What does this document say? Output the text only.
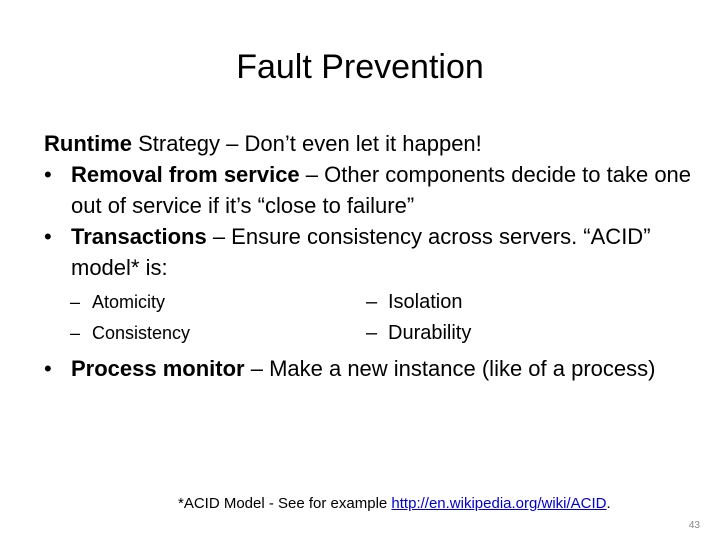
Fault Prevention

Runtime Strategy – Don’t even let it happen!

• Removal from service – Other components decide to take one out of service if it’s “close to failure”

• Transactions – Ensure consistency across servers. “ACID” model* is:

– Atomicity
– Consistency
– Isolation
– Durability

• Process monitor – Make a new instance (like of a process)

*ACID Model - See for example http://en.wikipedia.org/wiki/ACID.
43
